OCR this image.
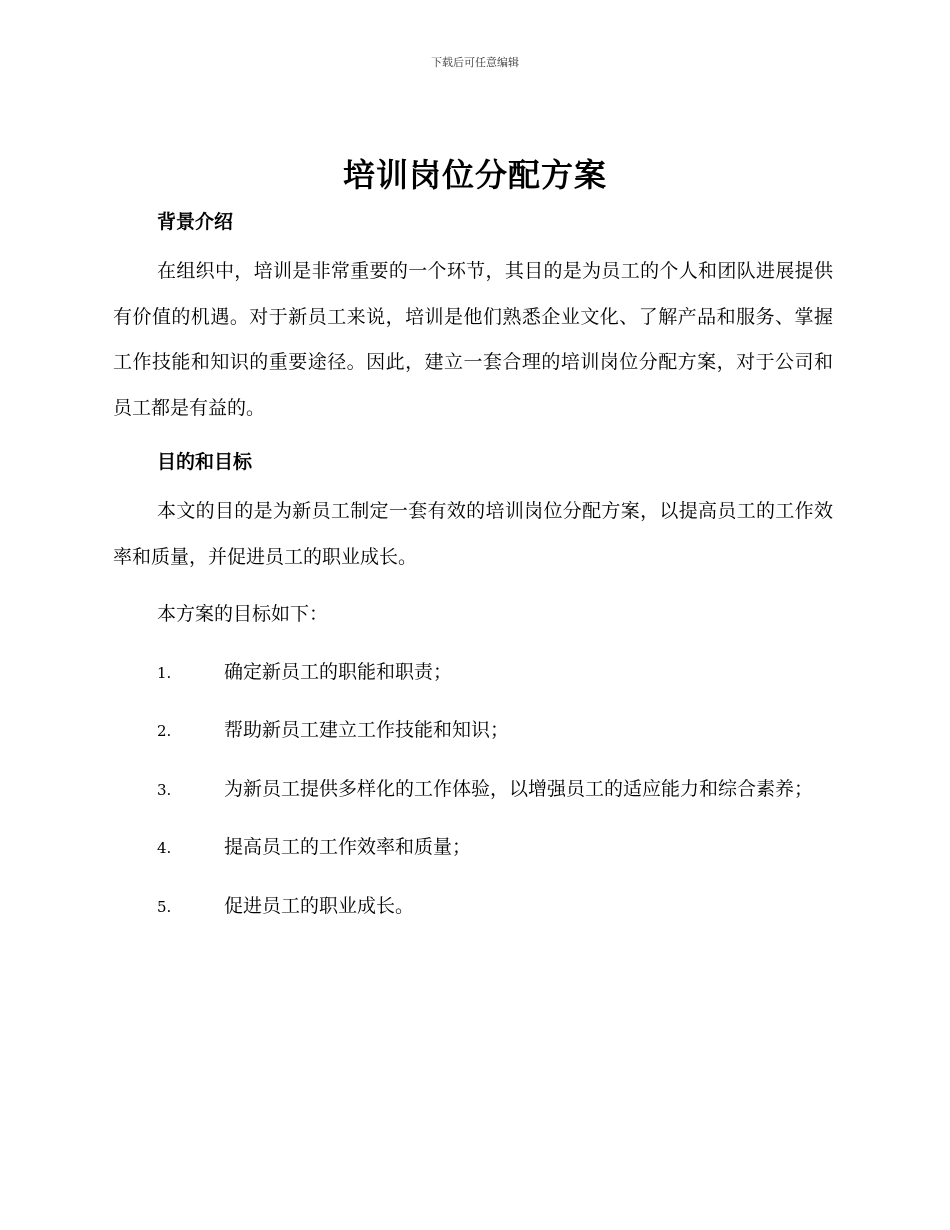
下载后可任意编辑
培训岗位分配方案

背景介绍

在组织中，培训是非常重要的一个环节，其目的是为员工的个人和团队进展提供有价值的机遇。对于新员工来说，培训是他们熟悉企业文化、了解产品和服务、掌握工作技能和知识的重要途径。因此，建立一套合理的培训岗位分配方案，对于公司和员工都是有益的。

目的和目标

本文的目的是为新员工制定一套有效的培训岗位分配方案，以提高员工的工作效率和质量，并促进员工的职业成长。

本方案的目标如下：

1.	确定新员工的职能和职责；

2.	帮助新员工建立工作技能和知识；

3.	为新员工提供多样化的工作体验，以增强员工的适应能力和综合素养；

4.	提高员工的工作效率和质量；

5.	促进员工的职业成长。
